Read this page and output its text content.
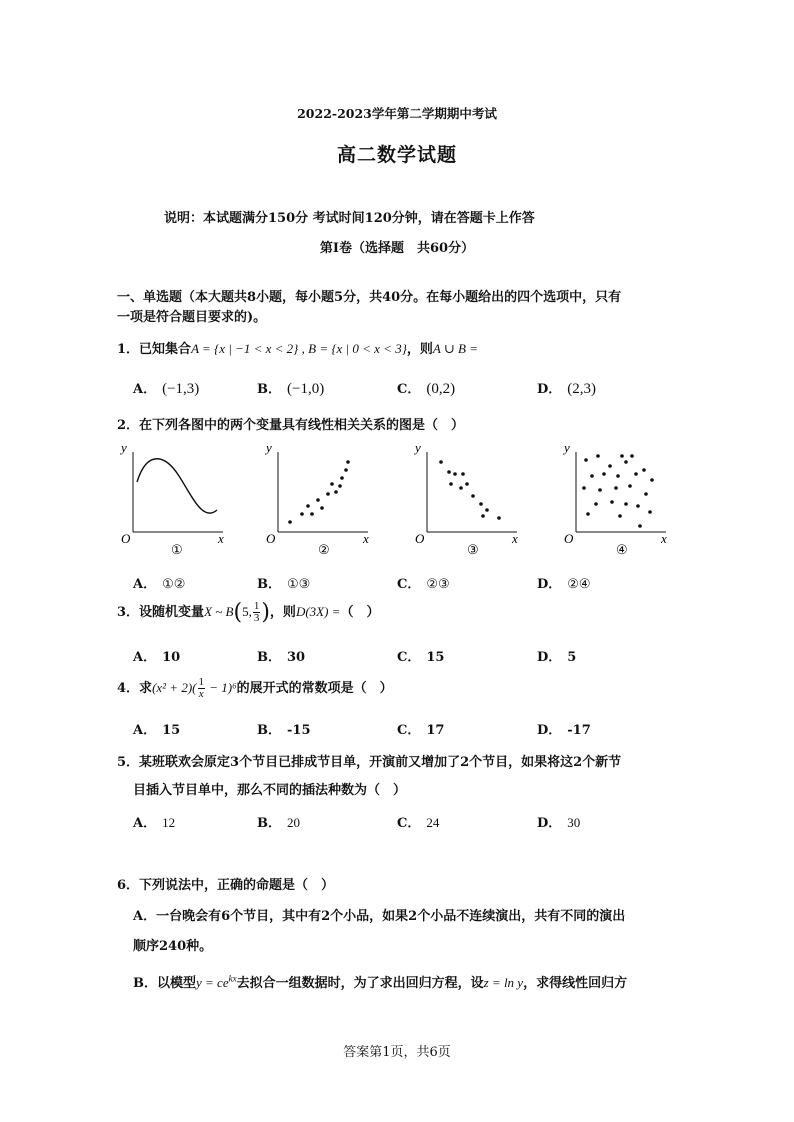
2022-2023学年第二学期期中考试
高二数学试题
说明：本试题满分150分 考试时间120分钟，请在答题卡上作答
第Ⅰ卷（选择题　共60分）
一、单选题（本大题共8小题，每小题5分，共40分。在每小题给出的四个选项中，只有
一项是符合题目要求的)。
1．已知集合A = {x | −1 < x < 2} , B = {x | 0 < x < 3}，则A ∪ B =
A． (−1,3)	B． (−1,0)	C． (0,2)	D． (2,3)
2．在下列各图中的两个变量具有线性相关关系的图是（　）
y
O	x
①
y
O	x
②
y
O	x
③
y
O	x
④
A． ①②	B． ①③	C． ②③	D． ②④
3．设随机变量X ~ B(5, $\frac{1}{3}$ )，则D(3X) =（　）
A． 10	B． 30	C． 15	D． 5
4．求$(x^2 + 2)( \frac{1}{x} - 1)^6$的展开式的常数项是（　）
A． 15	B． -15	C． 17	D． -17
5．某班联欢会原定3个节目已排成节目单，开演前又增加了2个节目，如果将这2个新节
目插入节目单中，那么不同的插法种数为（　）
A． 12	B． 20	C． 24	D． 30
6．下列说法中，正确的命题是（　）
A．一台晚会有6个节目，其中有2个小品，如果2个小品不连续演出，共有不同的演出
顺序240种。
B．以模型$y = ce^{kx}$去拟合一组数据时，为了求出回归方程，设z = ln y，求得线性回归方
答案第1页，共6页
